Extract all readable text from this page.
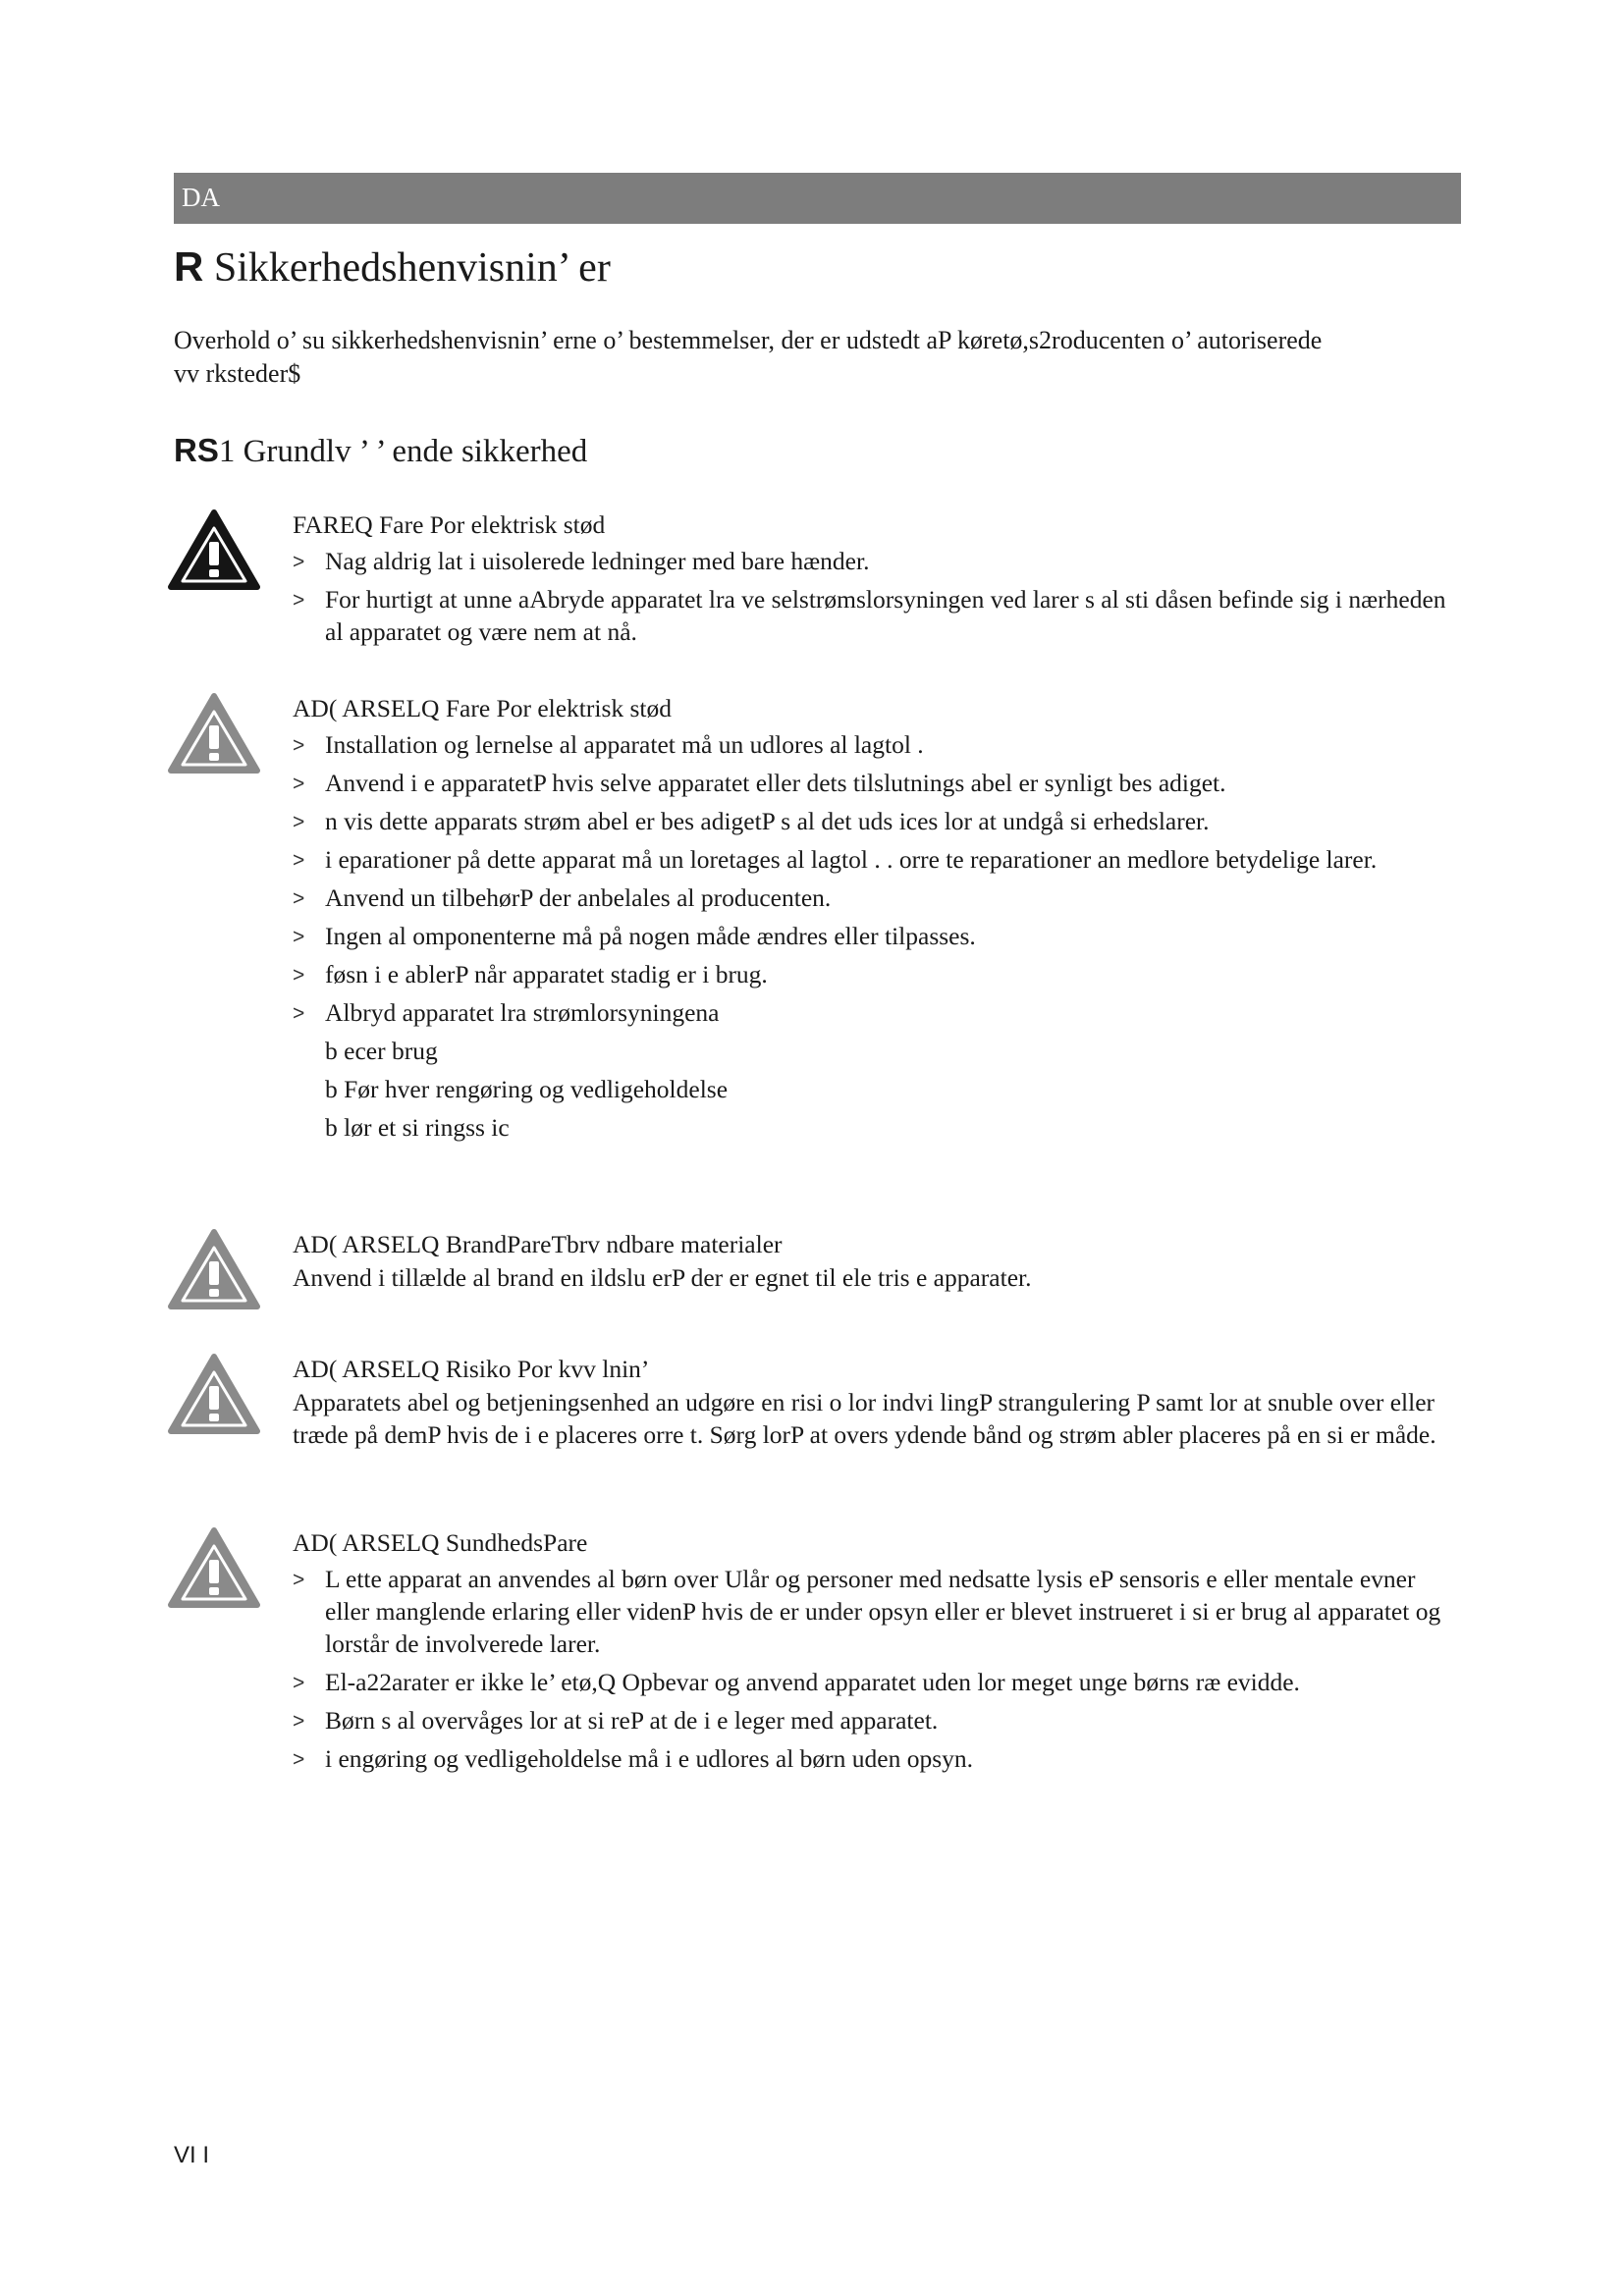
DA
R Sikkerhedshenvisnin’ er

Overhold o’ su sikkerhedshenvisnin’ erne o’ bestemmelser, der er udstedt aP køretø,s2roducenten o’ autoriserede vv rksteder$

RS1 Grundlv ’ ’ ende sikkerhed

FAREQ Fare Por elektrisk stød

> Nag aldrig lat i uisolerede ledninger med bare hænder.
> For hurtigt at unne aAbryde apparatet lra ve selstrømslorsyningen ved larer s al sti dåsen befinde sig i nærheden al apparatet og være nem at nå.

AD( ARSELQ Fare Por elektrisk stød

> Installation og lernelse al apparatet må un udlores al lagtol .
> Anvend i e apparatetP hvis selve apparatet eller dets tilslutnings abel er synligt bes adiget.
> n vis dette apparats strøm abel er bes adigetP s al det uds ices lor at undgå si erhedslarer.
> i eparationer på dette apparat må un loretages al lagtol . . orre te reparationer an medlore betydelige larer.
> Anvend un tilbehørP der anbelales al producenten.
> Ingen al omponenterne må på nogen måde ændres eller tilpasses.
> føsn i e ablerP når apparatet stadig er i brug.
> Albryd apparatet lra strømlorsyningena
b ecer brug
b Før hver rengøring og vedligeholdelse
b lør et si ringss ic

AD( ARSELQ BrandPareTbrv ndbare materialer

Anvend i tillælde al brand en ildslu erP der er egnet til ele tris e apparater.

AD( ARSELQ Risiko Por kvv lnin’

Apparatets abel og betjeningsenhed an udgøre en risi o lor indvi lingP strangulering P samt lor at snuble over eller træde på demP hvis de i e placeres orre t. Sørg lorP at overs ydende bånd og strøm abler placeres på en si er måde.

AD( ARSELQ SundhedsPare

> L ette apparat an anvendes al børn over Ulår og personer med nedsatte lysis eP sensoris e eller mentale evner eller manglende erlaring eller videnP hvis de er under opsyn eller er blevet instrueret i si er brug al apparatet og lorstår de involverede larer.
> El-a22arater er ikke le’ etø,Q Opbevar og anvend apparatet uden lor meget unge børns ræ evidde.
> Børn s al overvåges lor at si reP at de i e leger med apparatet.
> i engøring og vedligeholdelse må i e udlores al børn uden opsyn.
VI I
